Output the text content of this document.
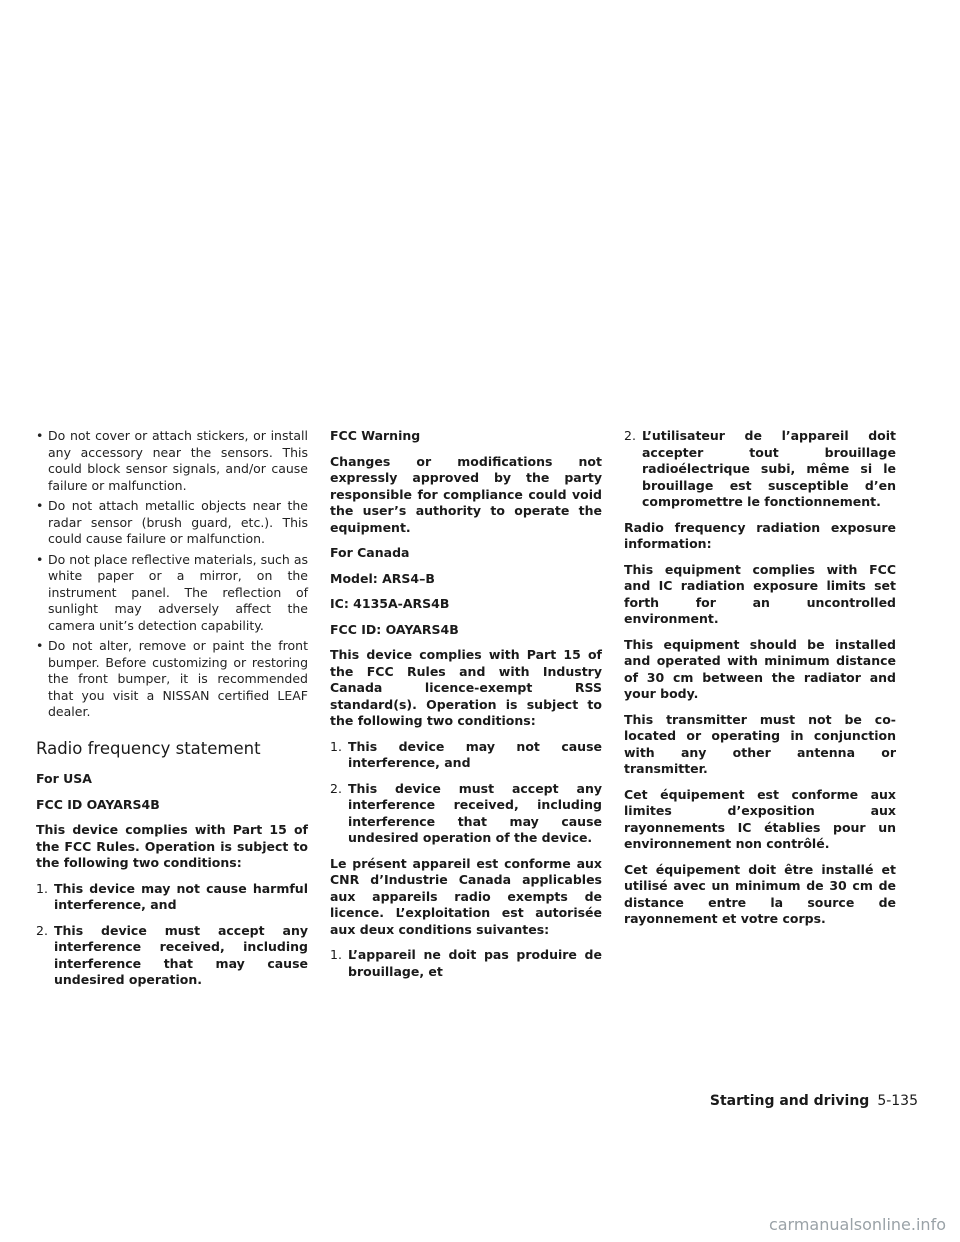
• Do not cover or attach stickers, or install any accessory near the sensors. This could block sensor signals, and/or cause failure or malfunction.
• Do not attach metallic objects near the radar sensor (brush guard, etc.). This could cause failure or malfunction.
• Do not place reflective materials, such as white paper or a mirror, on the instrument panel. The reflection of sunlight may adversely affect the camera unit’s detection capability.
• Do not alter, remove or paint the front bumper. Before customizing or restoring the front bumper, it is recommended that you visit a NISSAN certified LEAF dealer.
Radio frequency statement
For USA
FCC ID OAYARS4B
This device complies with Part 15 of the FCC Rules. Operation is subject to the following two conditions:
1. This device may not cause harmful interference, and
2. This device must accept any interference received, including interference that may cause undesired operation.
FCC Warning
Changes or modifications not expressly approved by the party responsible for compliance could void the user’s authority to operate the equipment.
For Canada
Model: ARS4–B
IC: 4135A-ARS4B
FCC ID: OAYARS4B
This device complies with Part 15 of the FCC Rules and with Industry Canada licence-exempt RSS standard(s). Operation is subject to the following two conditions:
1. This device may not cause interference, and
2. This device must accept any interference received, including interference that may cause undesired operation of the device.
Le présent appareil est conforme aux CNR d’Industrie Canada applicables aux appareils radio exempts de licence. L’exploitation est autorisée aux deux conditions suivantes:
1. L’appareil ne doit pas produire de brouillage, et
2. L’utilisateur de l’appareil doit accepter tout brouillage radioélectrique subi, même si le brouillage est susceptible d’en compromettre le fonctionnement.
Radio frequency radiation exposure information:
This equipment complies with FCC and IC radiation exposure limits set forth for an uncontrolled environment.
This equipment should be installed and operated with minimum distance of 30 cm between the radiator and your body.
This transmitter must not be co-located or operating in conjunction with any other antenna or transmitter.
Cet équipement est conforme aux limites d’exposition aux rayonnements IC établies pour un environnement non contrôlé.
Cet équipement doit être installé et utilisé avec un minimum de 30 cm de distance entre la source de rayonnement et votre corps.
Starting and driving 5-135
carmanualsonline.info
